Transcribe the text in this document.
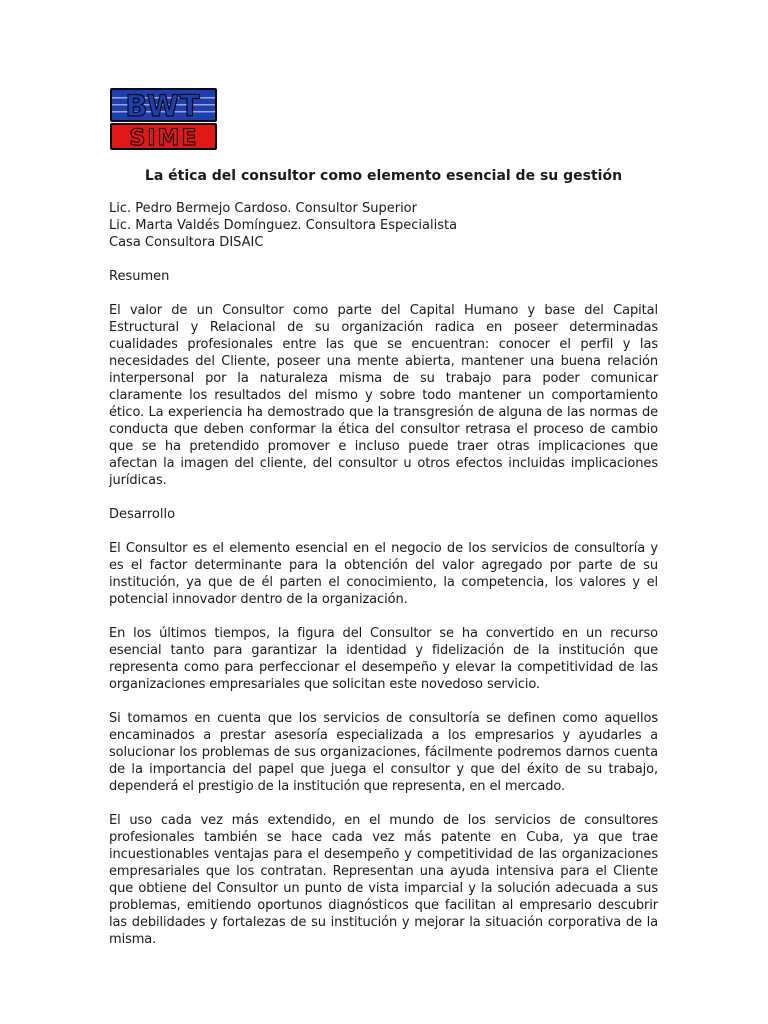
BWT
SIME
La ética del consultor como elemento esencial de su gestión
Lic. Pedro Bermejo Cardoso. Consultor Superior
Lic. Marta Valdés Domínguez. Consultora Especialista
Casa Consultora DISAIC
Resumen

El valor de un Consultor como parte del Capital Humano y base del Capital Estructural y Relacional de su organización radica en poseer determinadas cualidades profesionales entre las que se encuentran: conocer el perfil y las necesidades del Cliente, poseer una mente abierta, mantener una buena relación interpersonal por la naturaleza misma de su trabajo para poder comunicar claramente los resultados del mismo y sobre todo mantener un comportamiento ético. La experiencia ha demostrado que la transgresión de alguna de las normas de conducta que deben conformar la ética del consultor retrasa el proceso de cambio que se ha pretendido promover e incluso puede traer otras implicaciones que afectan la imagen del cliente, del consultor u otros efectos incluidas implicaciones jurídicas.

Desarrollo

El Consultor es el elemento esencial en el negocio de los servicios de consultoría y es el factor determinante para la obtención del valor agregado por parte de su institución, ya que de él parten el conocimiento, la competencia, los valores y el potencial innovador dentro de la organización.

En los últimos tiempos, la figura del Consultor se ha convertido en un recurso esencial tanto para garantizar la identidad y fidelización de la institución que representa como para perfeccionar el desempeño y elevar la competitividad de las organizaciones empresariales que solicitan este novedoso servicio.

Si tomamos en cuenta que los servicios de consultoría se definen como aquellos encaminados a prestar asesoría especializada a los empresarios y ayudarles a solucionar los problemas de sus organizaciones, fácilmente podremos darnos cuenta de la importancia del papel que juega el consultor y que del éxito de su trabajo, dependerá el prestigio de la institución que representa, en el mercado.

El uso cada vez más extendido, en el mundo de los servicios de consultores profesionales también se hace cada vez más patente en Cuba, ya que trae incuestionables ventajas para el desempeño y competitividad de las organizaciones empresariales que los contratan. Representan una ayuda intensiva para el Cliente que obtiene del Consultor un punto de vista imparcial y la solución adecuada a sus problemas, emitiendo oportunos diagnósticos que facilitan al empresario descubrir las debilidades y fortalezas de su institución y mejorar la situación corporativa de la misma.
